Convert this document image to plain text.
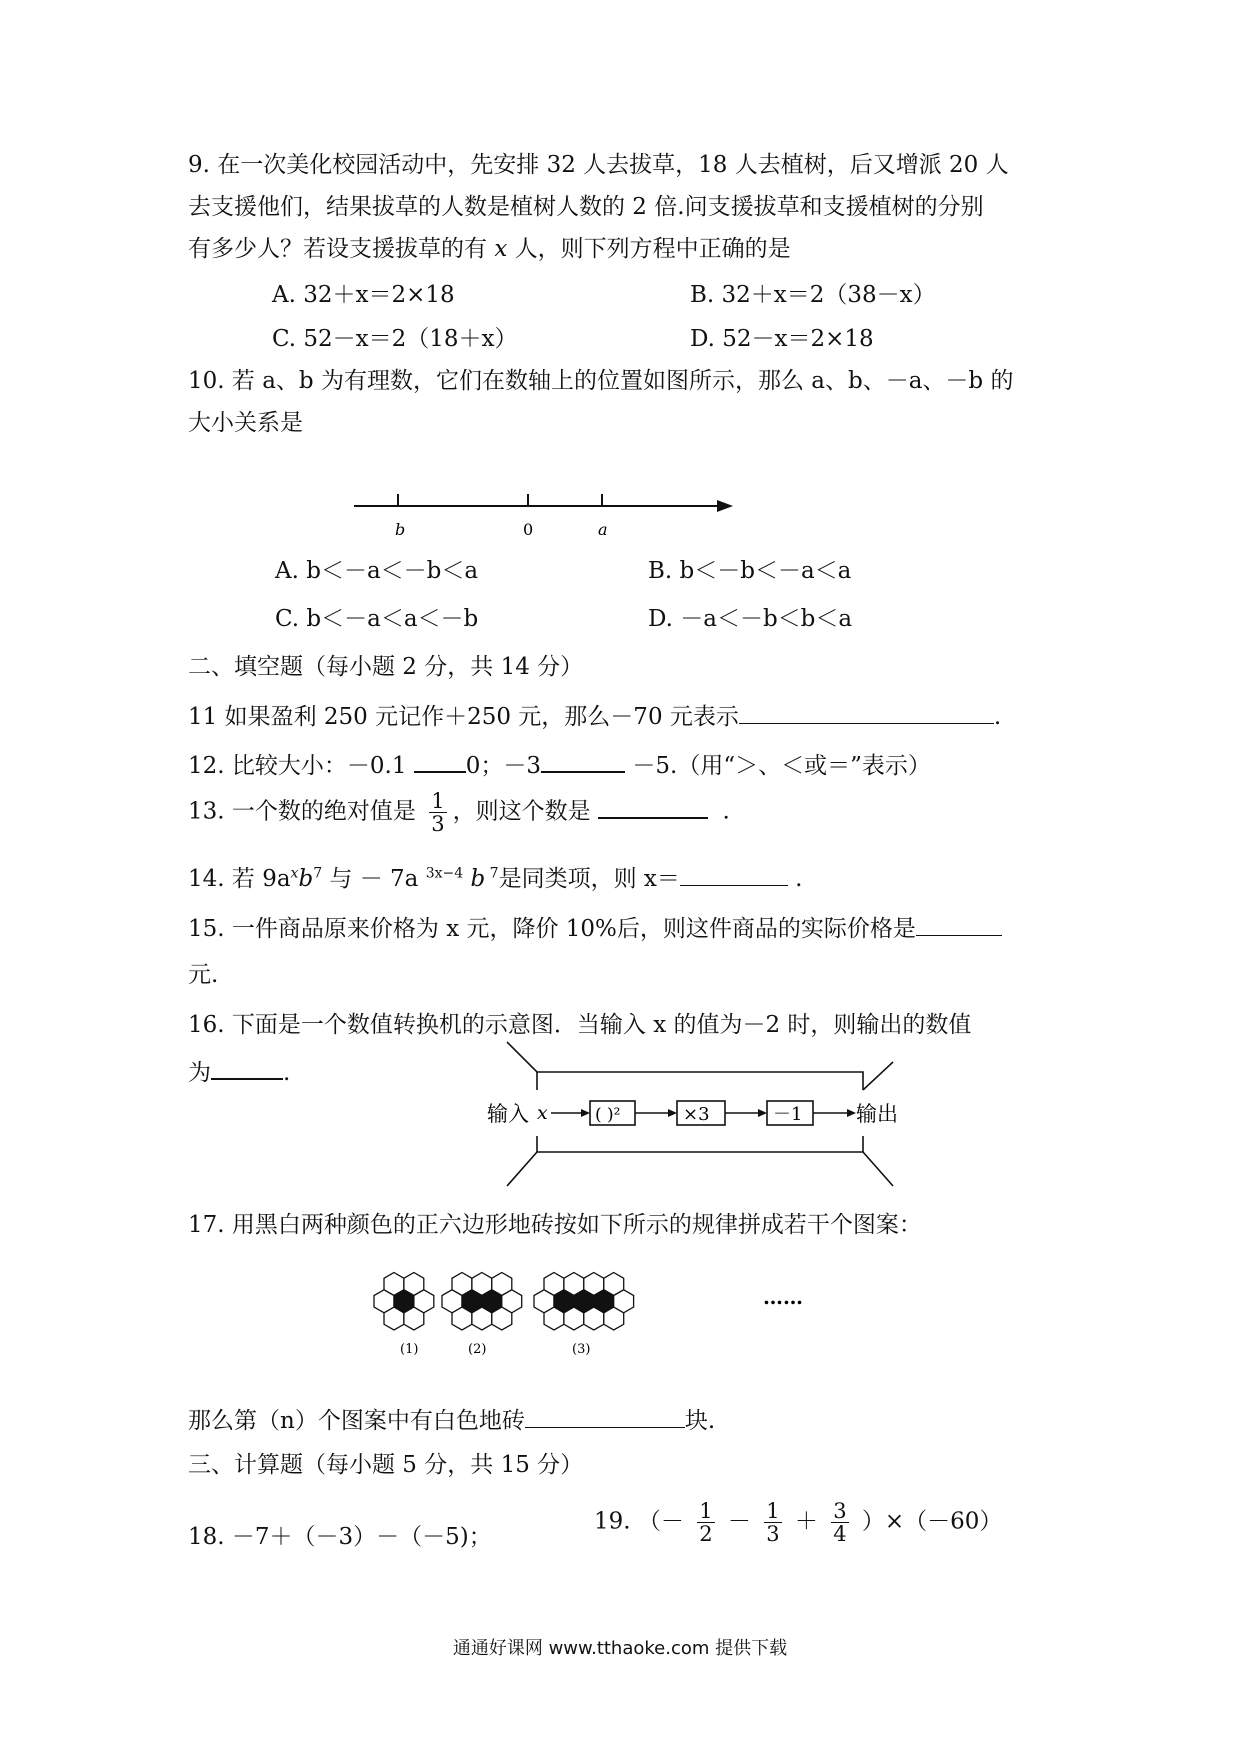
9. 在一次美化校园活动中，先安排 32 人去拔草，18 人去植树，后又增派 20 人
去支援他们，结果拔草的人数是植树人数的 2 倍.问支援拔草和支援植树的分别
有多少人？若设支援拔草的有 x 人，则下列方程中正确的是
A. 32＋x＝2×18	B. 32＋x＝2（38－x）
C. 52－x＝2（18＋x）	D. 52－x＝2×18
10. 若 a、b 为有理数，它们在数轴上的位置如图所示，那么 a、b、－a、－b 的
大小关系是
b	0	a
A. b＜－a＜－b＜a	B. b＜－b＜－a＜a
C. b＜－a＜a＜－b	D. －a＜－b＜b＜a
二、填空题（每小题 2 分，共 14 分）
11 如果盈利 250 元记作＋250 元，那么－70 元表示	.
12. 比较大小：－0.1 0；－3	－5.（用“＞、＜或＝”表示）
13. 一个数的绝对值是 $\frac{1}{3}$ ，则这个数是	.
14. 若 $9a^xb^7$ 与 － 7a $^{3x-4}$ b $^7$是同类项，则 x＝	.
15. 一件商品原来价格为 x 元，降价 10%后，则这件商品的实际价格是
元.
16. 下面是一个数值转换机的示意图．当输入 x 的值为－2 时，则输出的数值
为	.
输入 x	( )²	×3	－1	输出
17. 用黑白两种颜色的正六边形地砖按如下所示的规律拼成若干个图案：
(1)	(2)	(3)
……
那么第（n）个图案中有白色地砖	块.
三、计算题（每小题 5 分，共 15 分）
18. －7＋（－3）－（－5)；
19. （－ $\frac{1}{2} - \frac{1}{3} + \frac{3}{4} )\times(-60)$
通通好课网 www.tthaoke.com 提供下载
